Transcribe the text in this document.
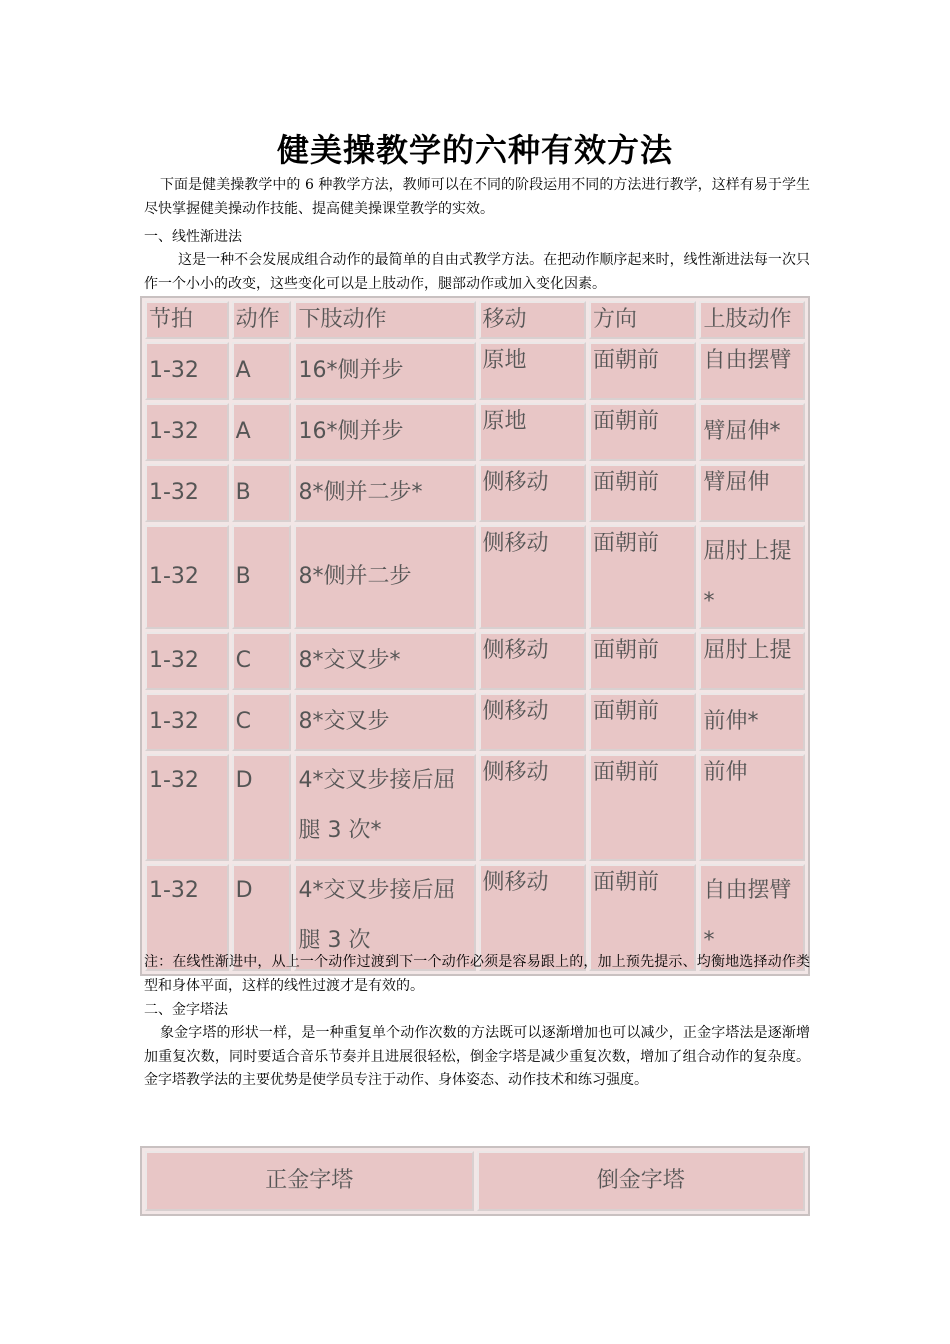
健美操教学的六种有效方法
下面是健美操教学中的 6 种教学方法，教师可以在不同的阶段运用不同的方法进行教学，这样有易于学生尽快掌握健美操动作技能、提高健美操课堂教学的实效。
一、线性渐进法
这是一种不会发展成组合动作的最简单的自由式教学方法。在把动作顺序起来时，线性渐进法每一次只作一个小小的改变，这些变化可以是上肢动作，腿部动作或加入变化因素。
节拍	动作	下肢动作	移动	方向	上肢动作
1-32	A	16*侧并步	原地	面朝前	自由摆臂
1-32	A	16*侧并步	原地	面朝前	臂屈伸*
1-32	B	8*侧并二步*	侧移动	面朝前	臂屈伸
1-32	B	8*侧并二步	侧移动	面朝前	屈肘上提*
1-32	C	8*交叉步*	侧移动	面朝前	屈肘上提
1-32	C	8*交叉步	侧移动	面朝前	前伸*
1-32	D	4*交叉步接后屈腿 3 次*	侧移动	面朝前	前伸
1-32	D	4*交叉步接后屈腿 3 次	侧移动	面朝前	自由摆臂*
注：在线性渐进中，从上一个动作过渡到下一个动作必须是容易跟上的，加上预先提示、均衡地选择动作类型和身体平面，这样的线性过渡才是有效的。
二、金字塔法
象金字塔的形状一样，是一种重复单个动作次数的方法既可以逐渐增加也可以减少，正金字塔法是逐渐增加重复次数，同时要适合音乐节奏并且进展很轻松，倒金字塔是减少重复次数，增加了组合动作的复杂度。金字塔教学法的主要优势是使学员专注于动作、身体姿态、动作技术和练习强度。
正金字塔	倒金字塔
